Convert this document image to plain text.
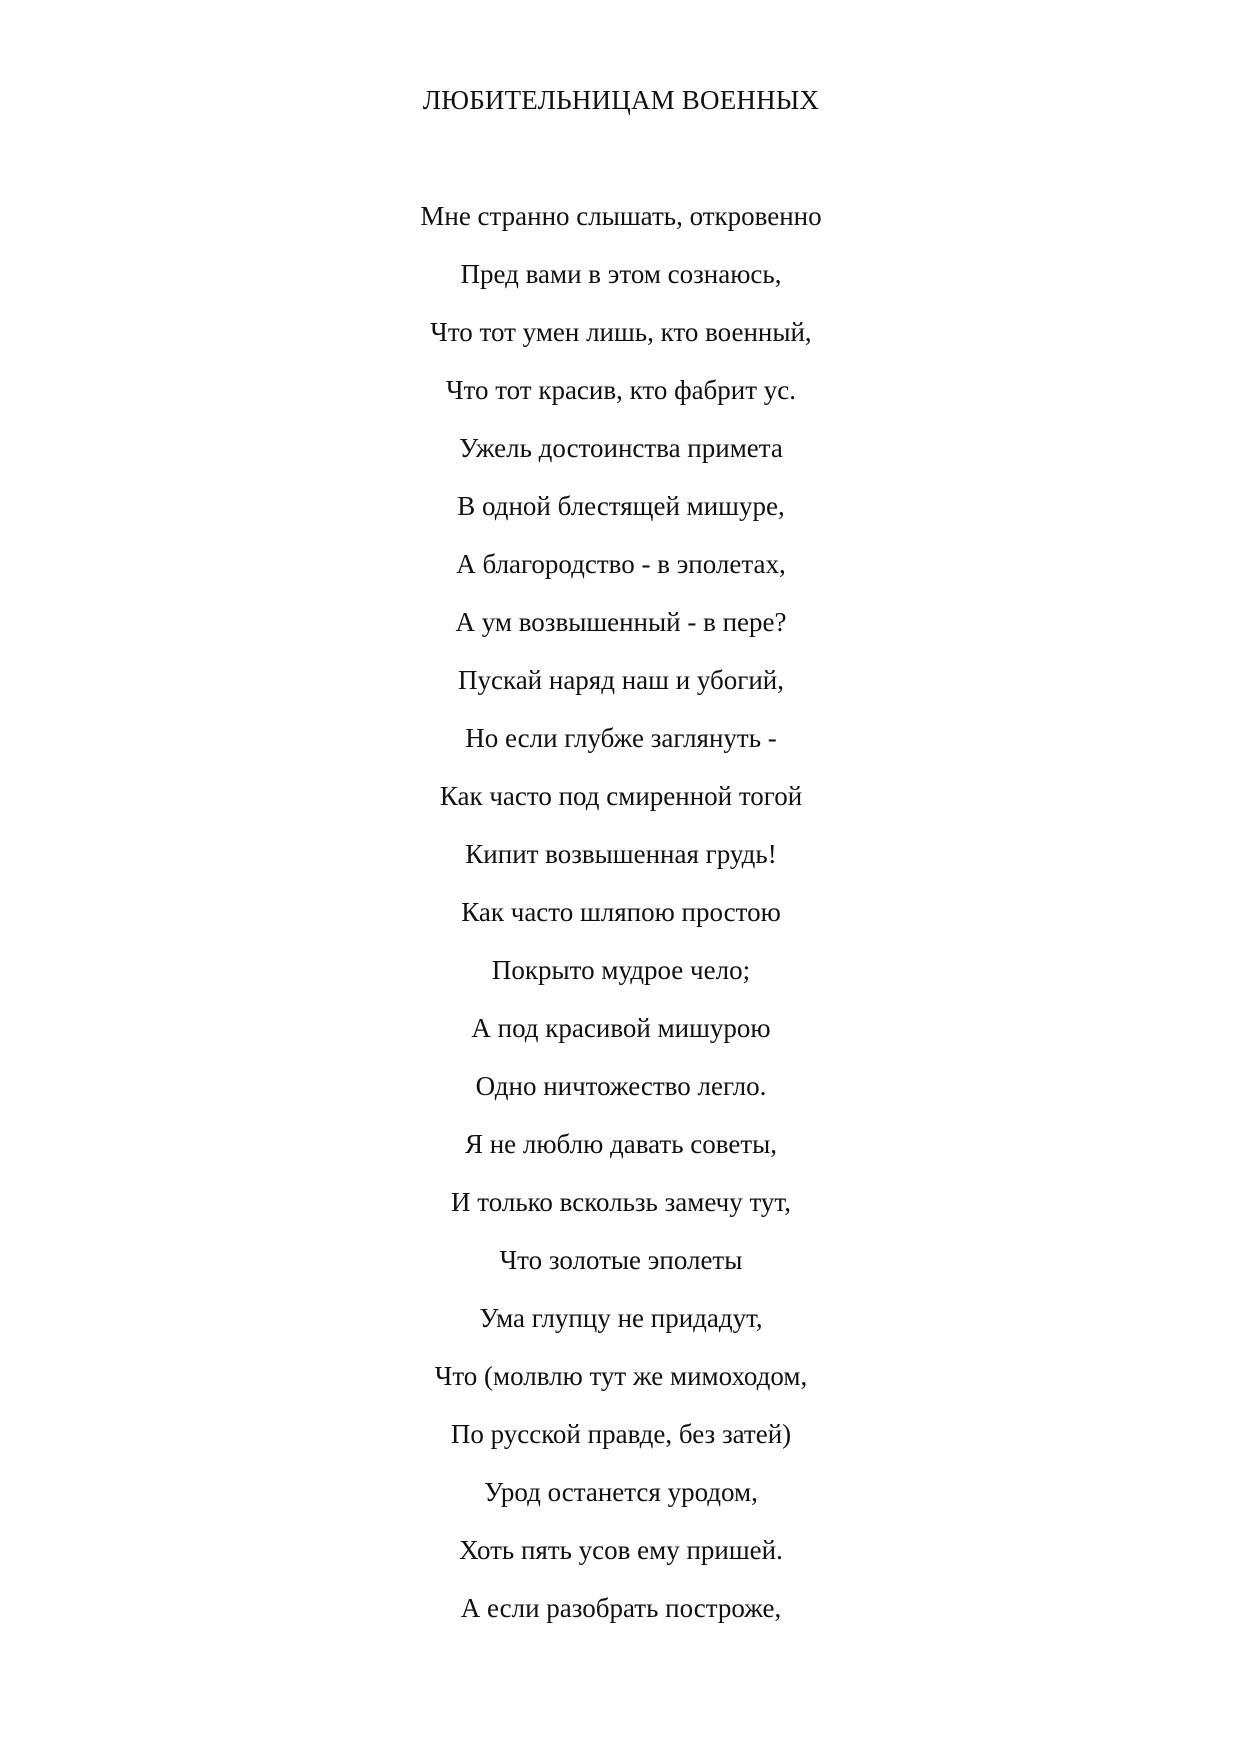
ЛЮБИТЕЛЬНИЦАМ ВОЕННЫХ
Мне странно слышать, откровенно
Пред вами в этом сознаюсь,
Что тот умен лишь, кто военный,
Что тот красив, кто фабрит ус.
Ужель достоинства примета
В одной блестящей мишуре,
А благородство - в эполетах,
А ум возвышенный - в пере?
Пускай наряд наш и убогий,
Но если глубже заглянуть -
Как часто под смиренной тогой
Кипит возвышенная грудь!
Как часто шляпою простою
Покрыто мудрое чело;
А под красивой мишурою
Одно ничтожество легло.
Я не люблю давать советы,
И только вскользь замечу тут,
Что золотые эполеты
Ума глупцу не придадут,
Что (молвлю тут же мимоходом,
По русской правде, без затей)
Урод останется уродом,
Хоть пять усов ему пришей.
А если разобрать построже,
